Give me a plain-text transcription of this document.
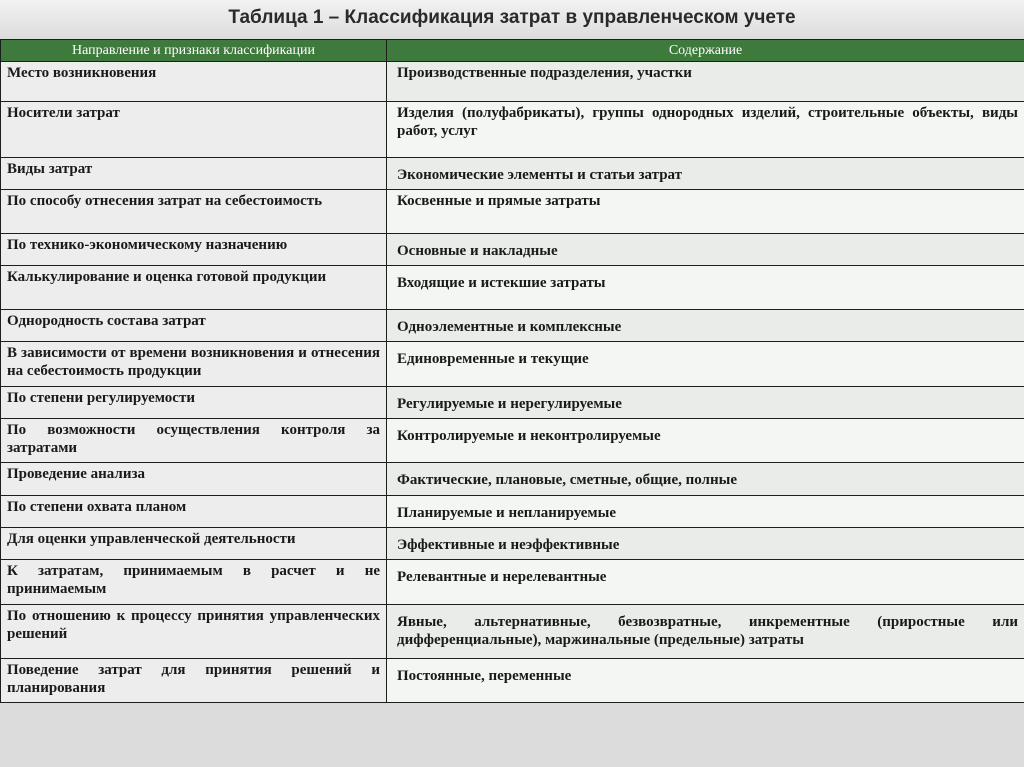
Таблица 1 – Классификация затрат в управленческом учете
Направление и признаки классификации	Содержание
Место возникновения	Производственные подразделения, участки
Носители затрат	Изделия (полуфабрикаты), группы однородных изделий, строительные объекты, виды работ, услуг
Виды затрат	Экономические элементы и статьи затрат
По способу отнесения затрат на себестоимость	Косвенные и прямые затраты
По технико-экономическому назначению	Основные и накладные
Калькулирование и оценка готовой продукции	Входящие и истекшие затраты
Однородность состава затрат	Одноэлементные и комплексные
В зависимости от времени возникновения и отнесения на себестоимость продукции	Единовременные и текущие
По степени регулируемости	Регулируемые и нерегулируемые
По возможности осуществления контроля за затратами	Контролируемые и неконтролируемые
Проведение анализа	Фактические, плановые, сметные, общие, полные
По степени охвата планом	Планируемые и непланируемые
Для оценки управленческой деятельности	Эффективные и неэффективные
К затратам, принимаемым в расчет и не принимаемым	Релевантные и нерелевантные
По отношению к процессу принятия управленческих решений	Явные, альтернативные, безвозвратные, инкрементные (приростные или дифференциальные), маржинальные (предельные) затраты
Поведение затрат для принятия решений и планирования	Постоянные, переменные
